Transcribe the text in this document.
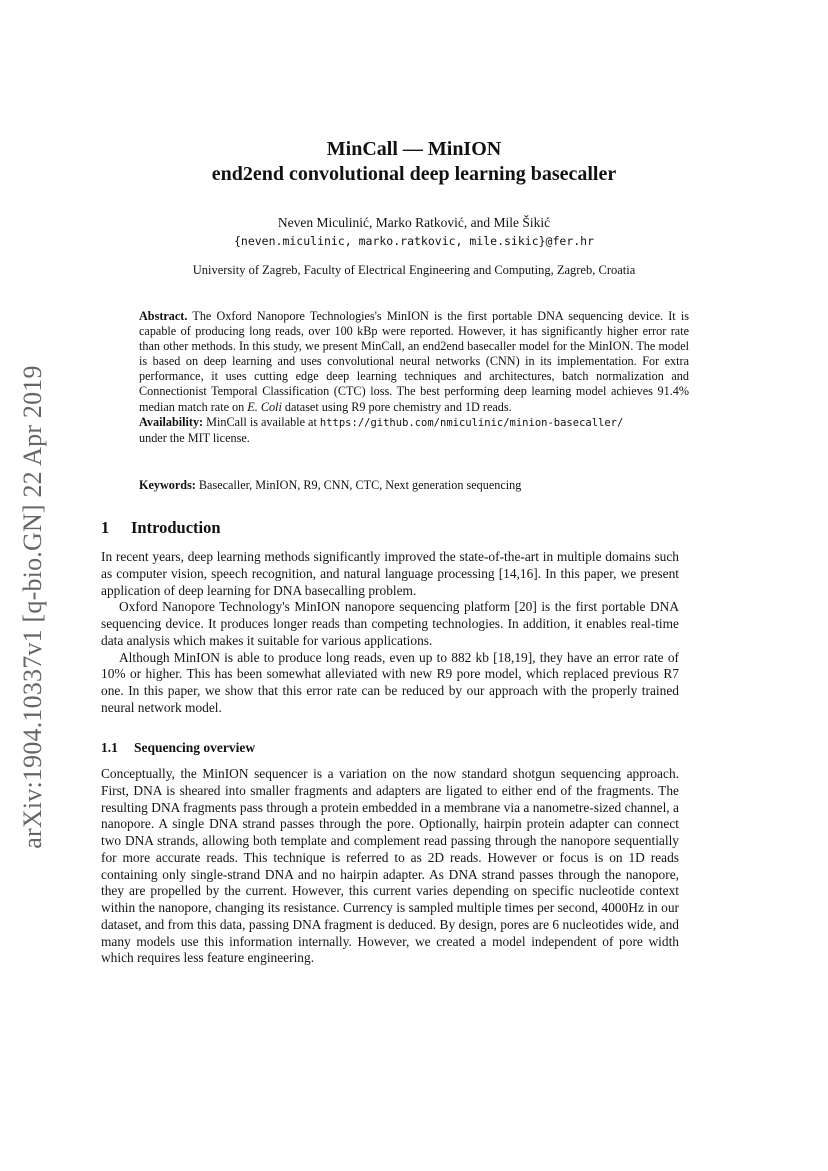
arXiv:1904.10337v1 [q-bio.GN] 22 Apr 2019
MinCall — MinION
end2end convolutional deep learning basecaller
Neven Miculinić, Marko Ratković, and Mile Šikić
{neven.miculinic, marko.ratkovic, mile.sikic}@fer.hr
University of Zagreb, Faculty of Electrical Engineering and Computing, Zagreb, Croatia
Abstract. The Oxford Nanopore Technologies's MinION is the first portable DNA sequencing device. It is capable of producing long reads, over 100 kBp were reported. However, it has significantly higher error rate than other methods. In this study, we present MinCall, an end2end basecaller model for the MinION. The model is based on deep learning and uses convolutional neural networks (CNN) in its implementation. For extra performance, it uses cutting edge deep learning techniques and architectures, batch normalization and Connectionist Temporal Classification (CTC) loss. The best performing deep learning model achieves 91.4% median match rate on E. Coli dataset using R9 pore chemistry and 1D reads.
Availability: MinCall is available at https://github.com/nmiculinic/minion-basecaller/
under the MIT license.
Keywords: Basecaller, MinION, R9, CNN, CTC, Next generation sequencing
1 Introduction

In recent years, deep learning methods significantly improved the state-of-the-art in multiple domains such as computer vision, speech recognition, and natural language processing [14,16]. In this paper, we present application of deep learning for DNA basecalling problem.

Oxford Nanopore Technology's MinION nanopore sequencing platform [20] is the first portable DNA sequencing device. It produces longer reads than competing technologies. In addition, it enables real-time data analysis which makes it suitable for various applications.

Although MinION is able to produce long reads, even up to 882 kb [18,19], they have an error rate of 10% or higher. This has been somewhat alleviated with new R9 pore model, which replaced previous R7 one. In this paper, we show that this error rate can be reduced by our approach with the properly trained neural network model.

1.1 Sequencing overview

Conceptually, the MinION sequencer is a variation on the now standard shotgun sequencing approach. First, DNA is sheared into smaller fragments and adapters are ligated to either end of the fragments. The resulting DNA fragments pass through a protein embedded in a membrane via a nanometre-sized channel, a nanopore. A single DNA strand passes through the pore. Optionally, hairpin protein adapter can connect two DNA strands, allowing both template and complement read passing through the nanopore sequentially for more accurate reads. This technique is referred to as 2D reads. However or focus is on 1D reads containing only single-strand DNA and no hairpin adapter. As DNA strand passes through the nanopore, they are propelled by the current. However, this current varies depending on specific nucleotide context within the nanopore, changing its resistance. Currency is sampled multiple times per second, 4000Hz in our dataset, and from this data, passing DNA fragment is deduced. By design, pores are 6 nucleotides wide, and many models use this information internally. However, we created a model independent of pore width which requires less feature engineering.
